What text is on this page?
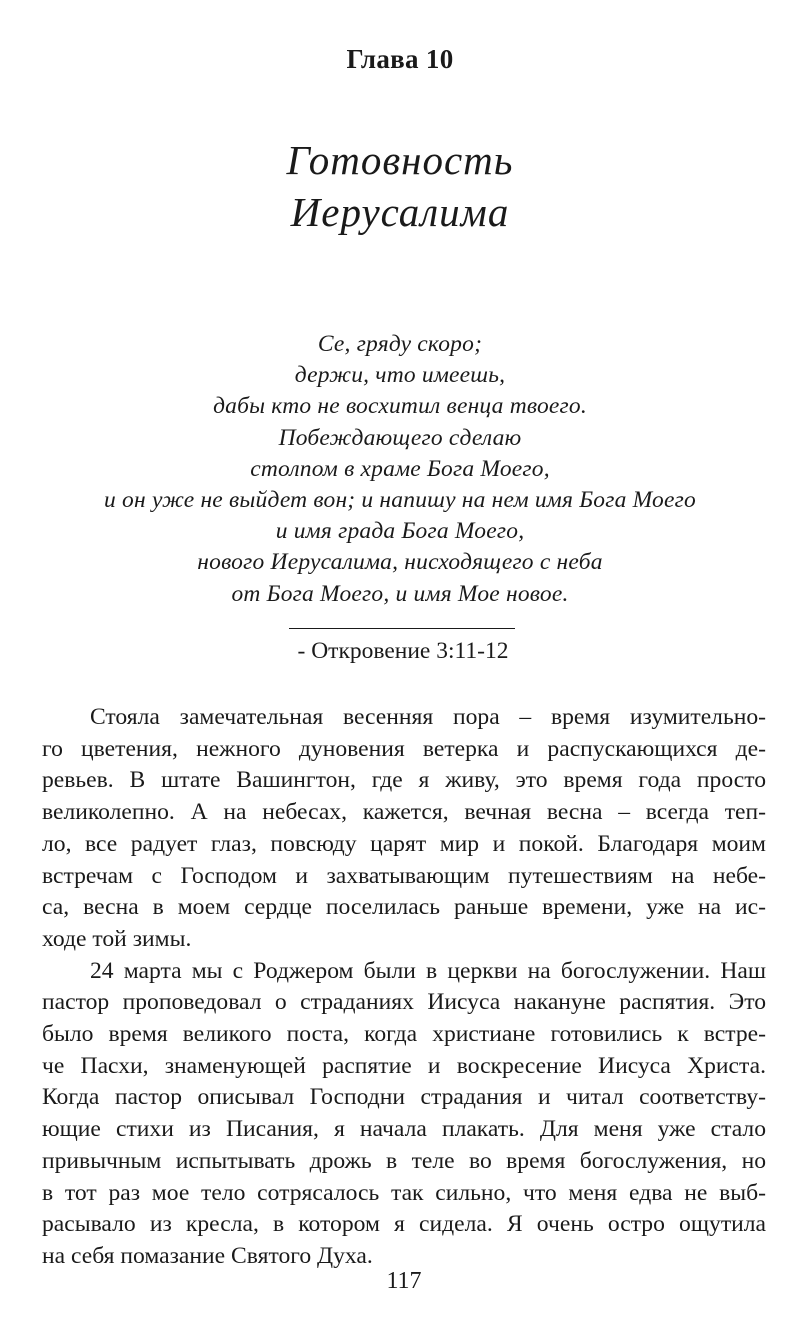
Глава 10
Готовность
Иерусалима
Се, гряду скоро;
держи, что имеешь,
дабы кто не восхитил венца твоего.
Побеждающего сделаю
столпом в храме Бога Моего,
и он уже не выйдет вон; и напишу на нем имя Бога Моего
и имя града Бога Моего,
нового Иерусалима, нисходящего с неба
от Бога Моего, и имя Мое новое.
- Откровение 3:11-12
Стояла замечательная весенняя пора – время изумительно-
го цветения, нежного дуновения ветерка и распускающихся де-
ревьев. В штате Вашингтон, где я живу, это время года просто
великолепно. А на небесах, кажется, вечная весна – всегда теп-
ло, все радует глаз, повсюду царят мир и покой. Благодаря моим
встречам с Господом и захватывающим путешествиям на небе-
са, весна в моем сердце поселилась раньше времени, уже на ис-
ходе той зимы.
24 марта мы с Роджером были в церкви на богослужении. Наш
пастор проповедовал о страданиях Иисуса накануне распятия. Это
было время великого поста, когда христиане готовились к встре-
че Пасхи, знаменующей распятие и воскресение Иисуса Христа.
Когда пастор описывал Господни страдания и читал соответству-
ющие стихи из Писания, я начала плакать. Для меня уже стало
привычным испытывать дрожь в теле во время богослужения, но
в тот раз мое тело сотрясалось так сильно, что меня едва не выб-
расывало из кресла, в котором я сидела. Я очень остро ощутила
на себя помазание Святого Духа.
117
